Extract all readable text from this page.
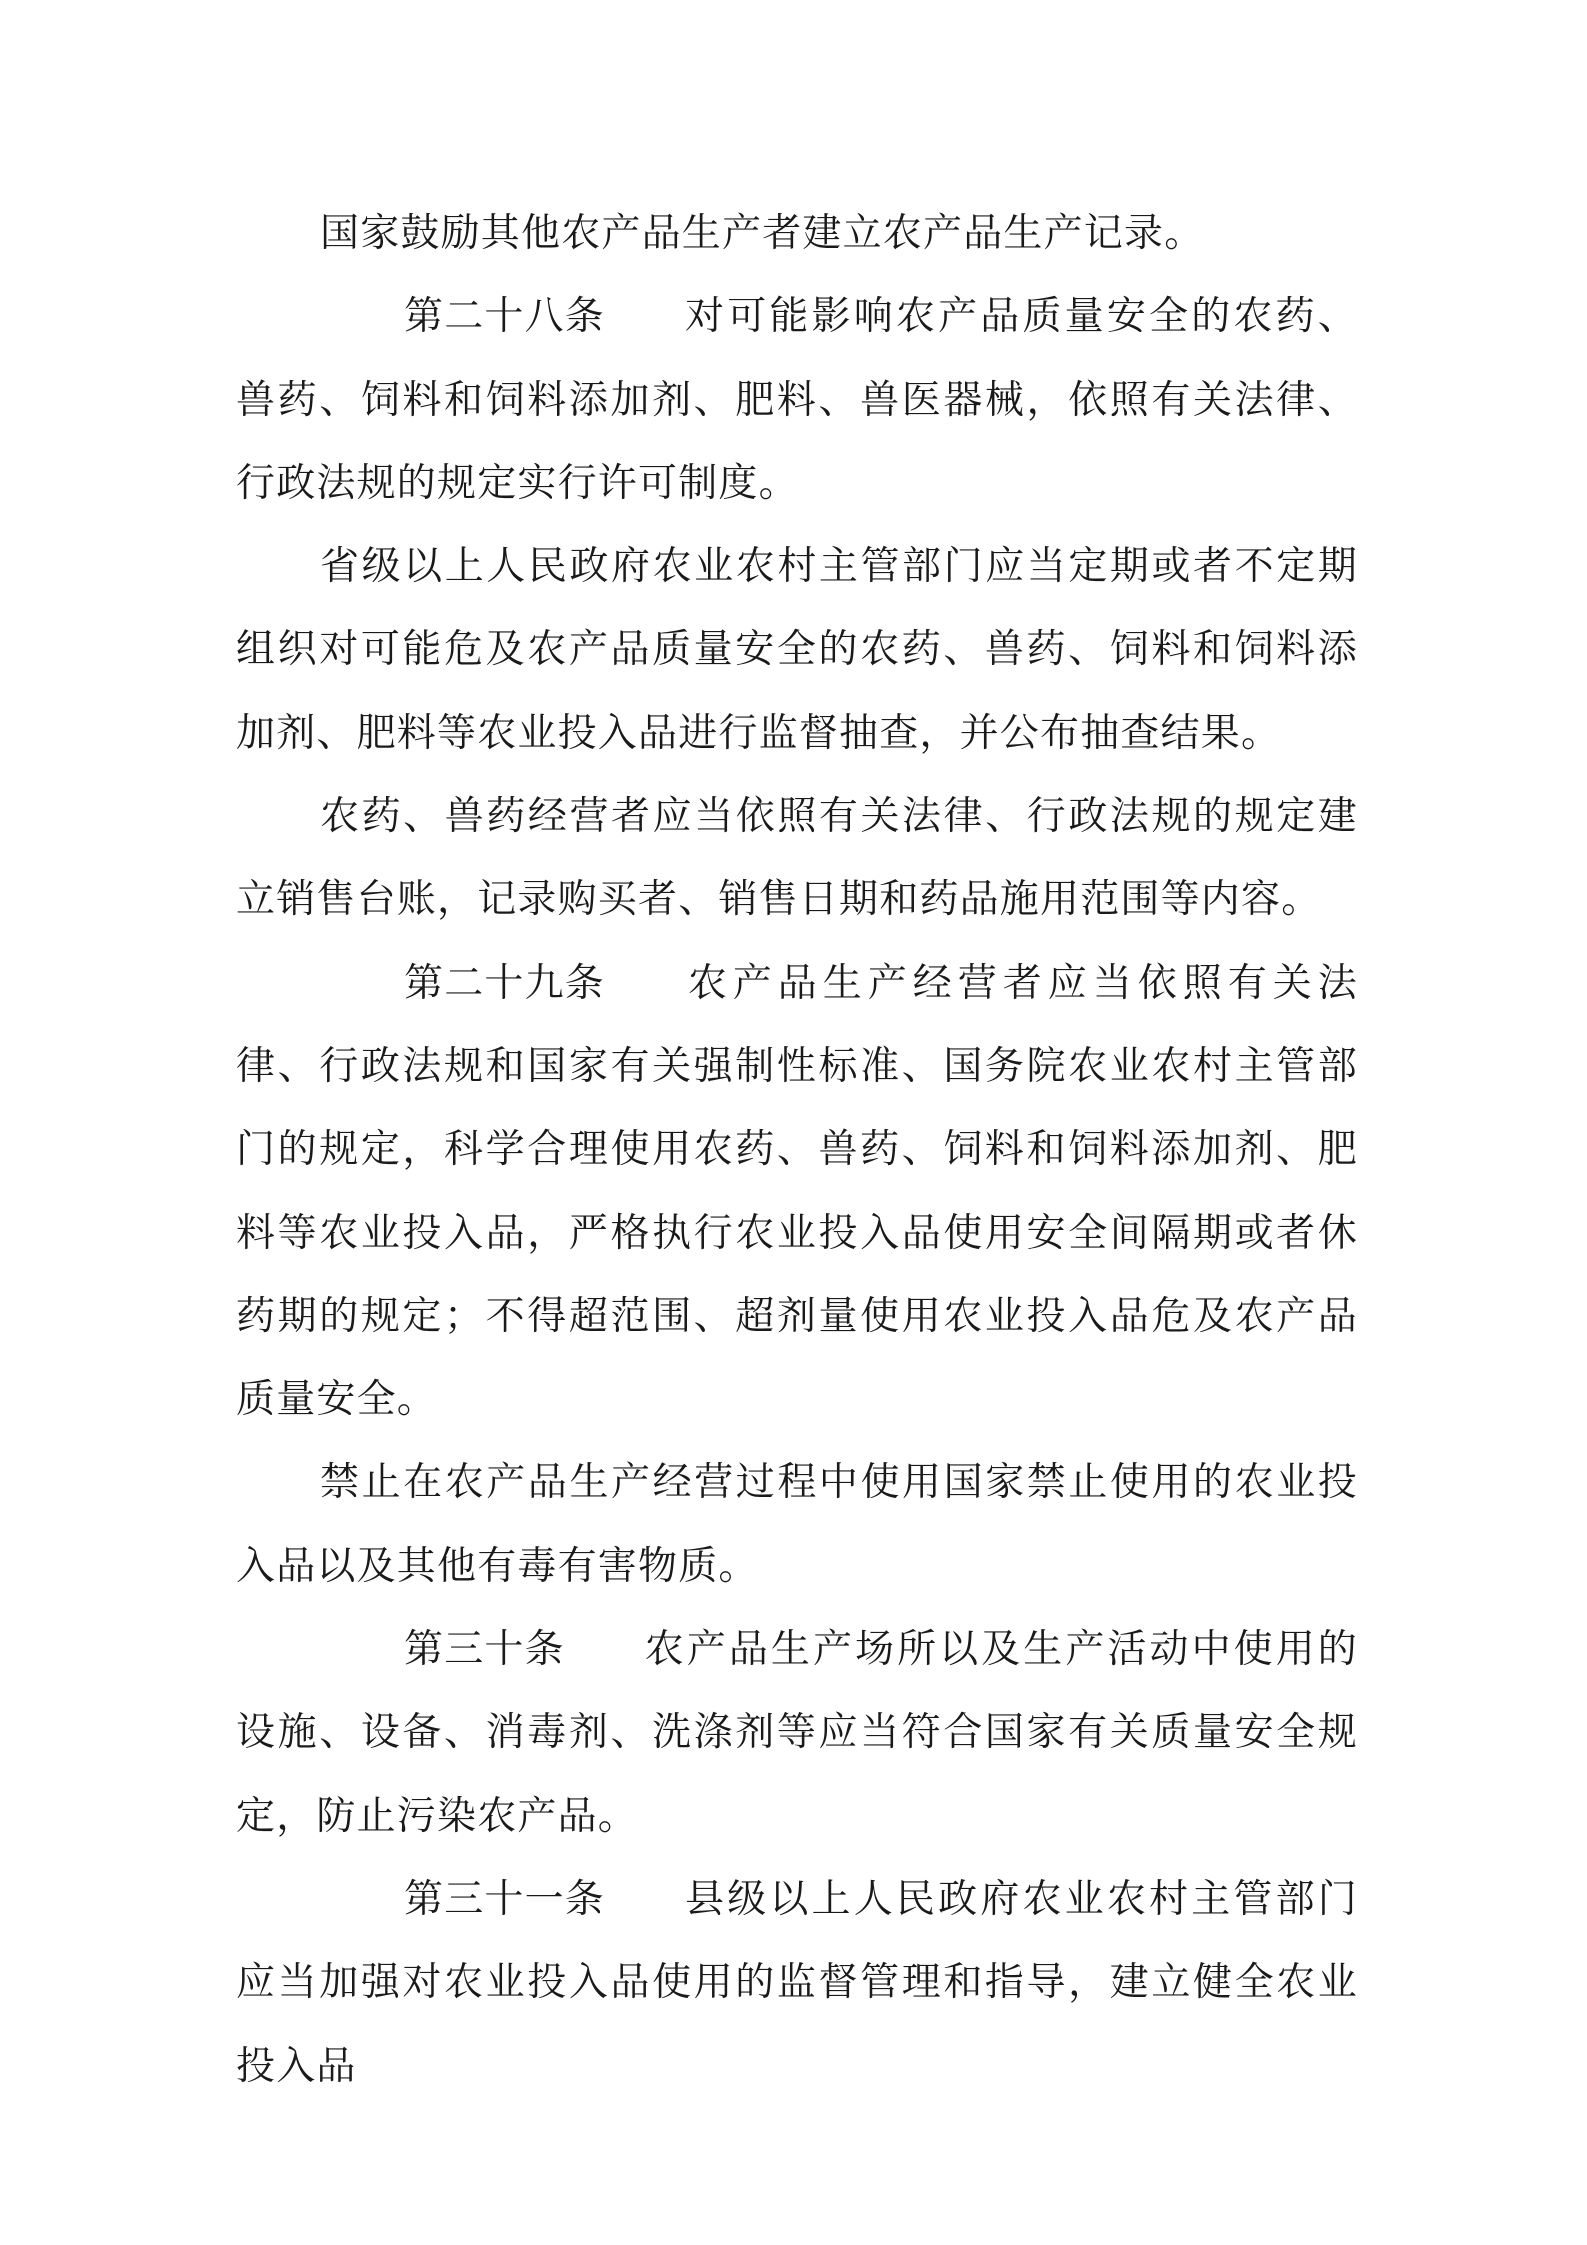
国家鼓励其他农产品生产者建立农产品生产记录。

第二十八条 对可能影响农产品质量安全的农药、兽药、饲料和饲料添加剂、肥料、兽医器械，依照有关法律、行政法规的规定实行许可制度。

省级以上人民政府农业农村主管部门应当定期或者不定期组织对可能危及农产品质量安全的农药、兽药、饲料和饲料添加剂、肥料等农业投入品进行监督抽查，并公布抽查结果。

农药、兽药经营者应当依照有关法律、行政法规的规定建立销售台账，记录购买者、销售日期和药品施用范围等内容。

第二十九条 农产品生产经营者应当依照有关法律、行政法规和国家有关强制性标准、国务院农业农村主管部门的规定，科学合理使用农药、兽药、饲料和饲料添加剂、肥料等农业投入品，严格执行农业投入品使用安全间隔期或者休药期的规定；不得超范围、超剂量使用农业投入品危及农产品质量安全。

禁止在农产品生产经营过程中使用国家禁止使用的农业投入品以及其他有毒有害物质。

第三十条 农产品生产场所以及生产活动中使用的设施、设备、消毒剂、洗涤剂等应当符合国家有关质量安全规定，防止污染农产品。

第三十一条 县级以上人民政府农业农村主管部门应当加强对农业投入品使用的监督管理和指导，建立健全农业投入品
